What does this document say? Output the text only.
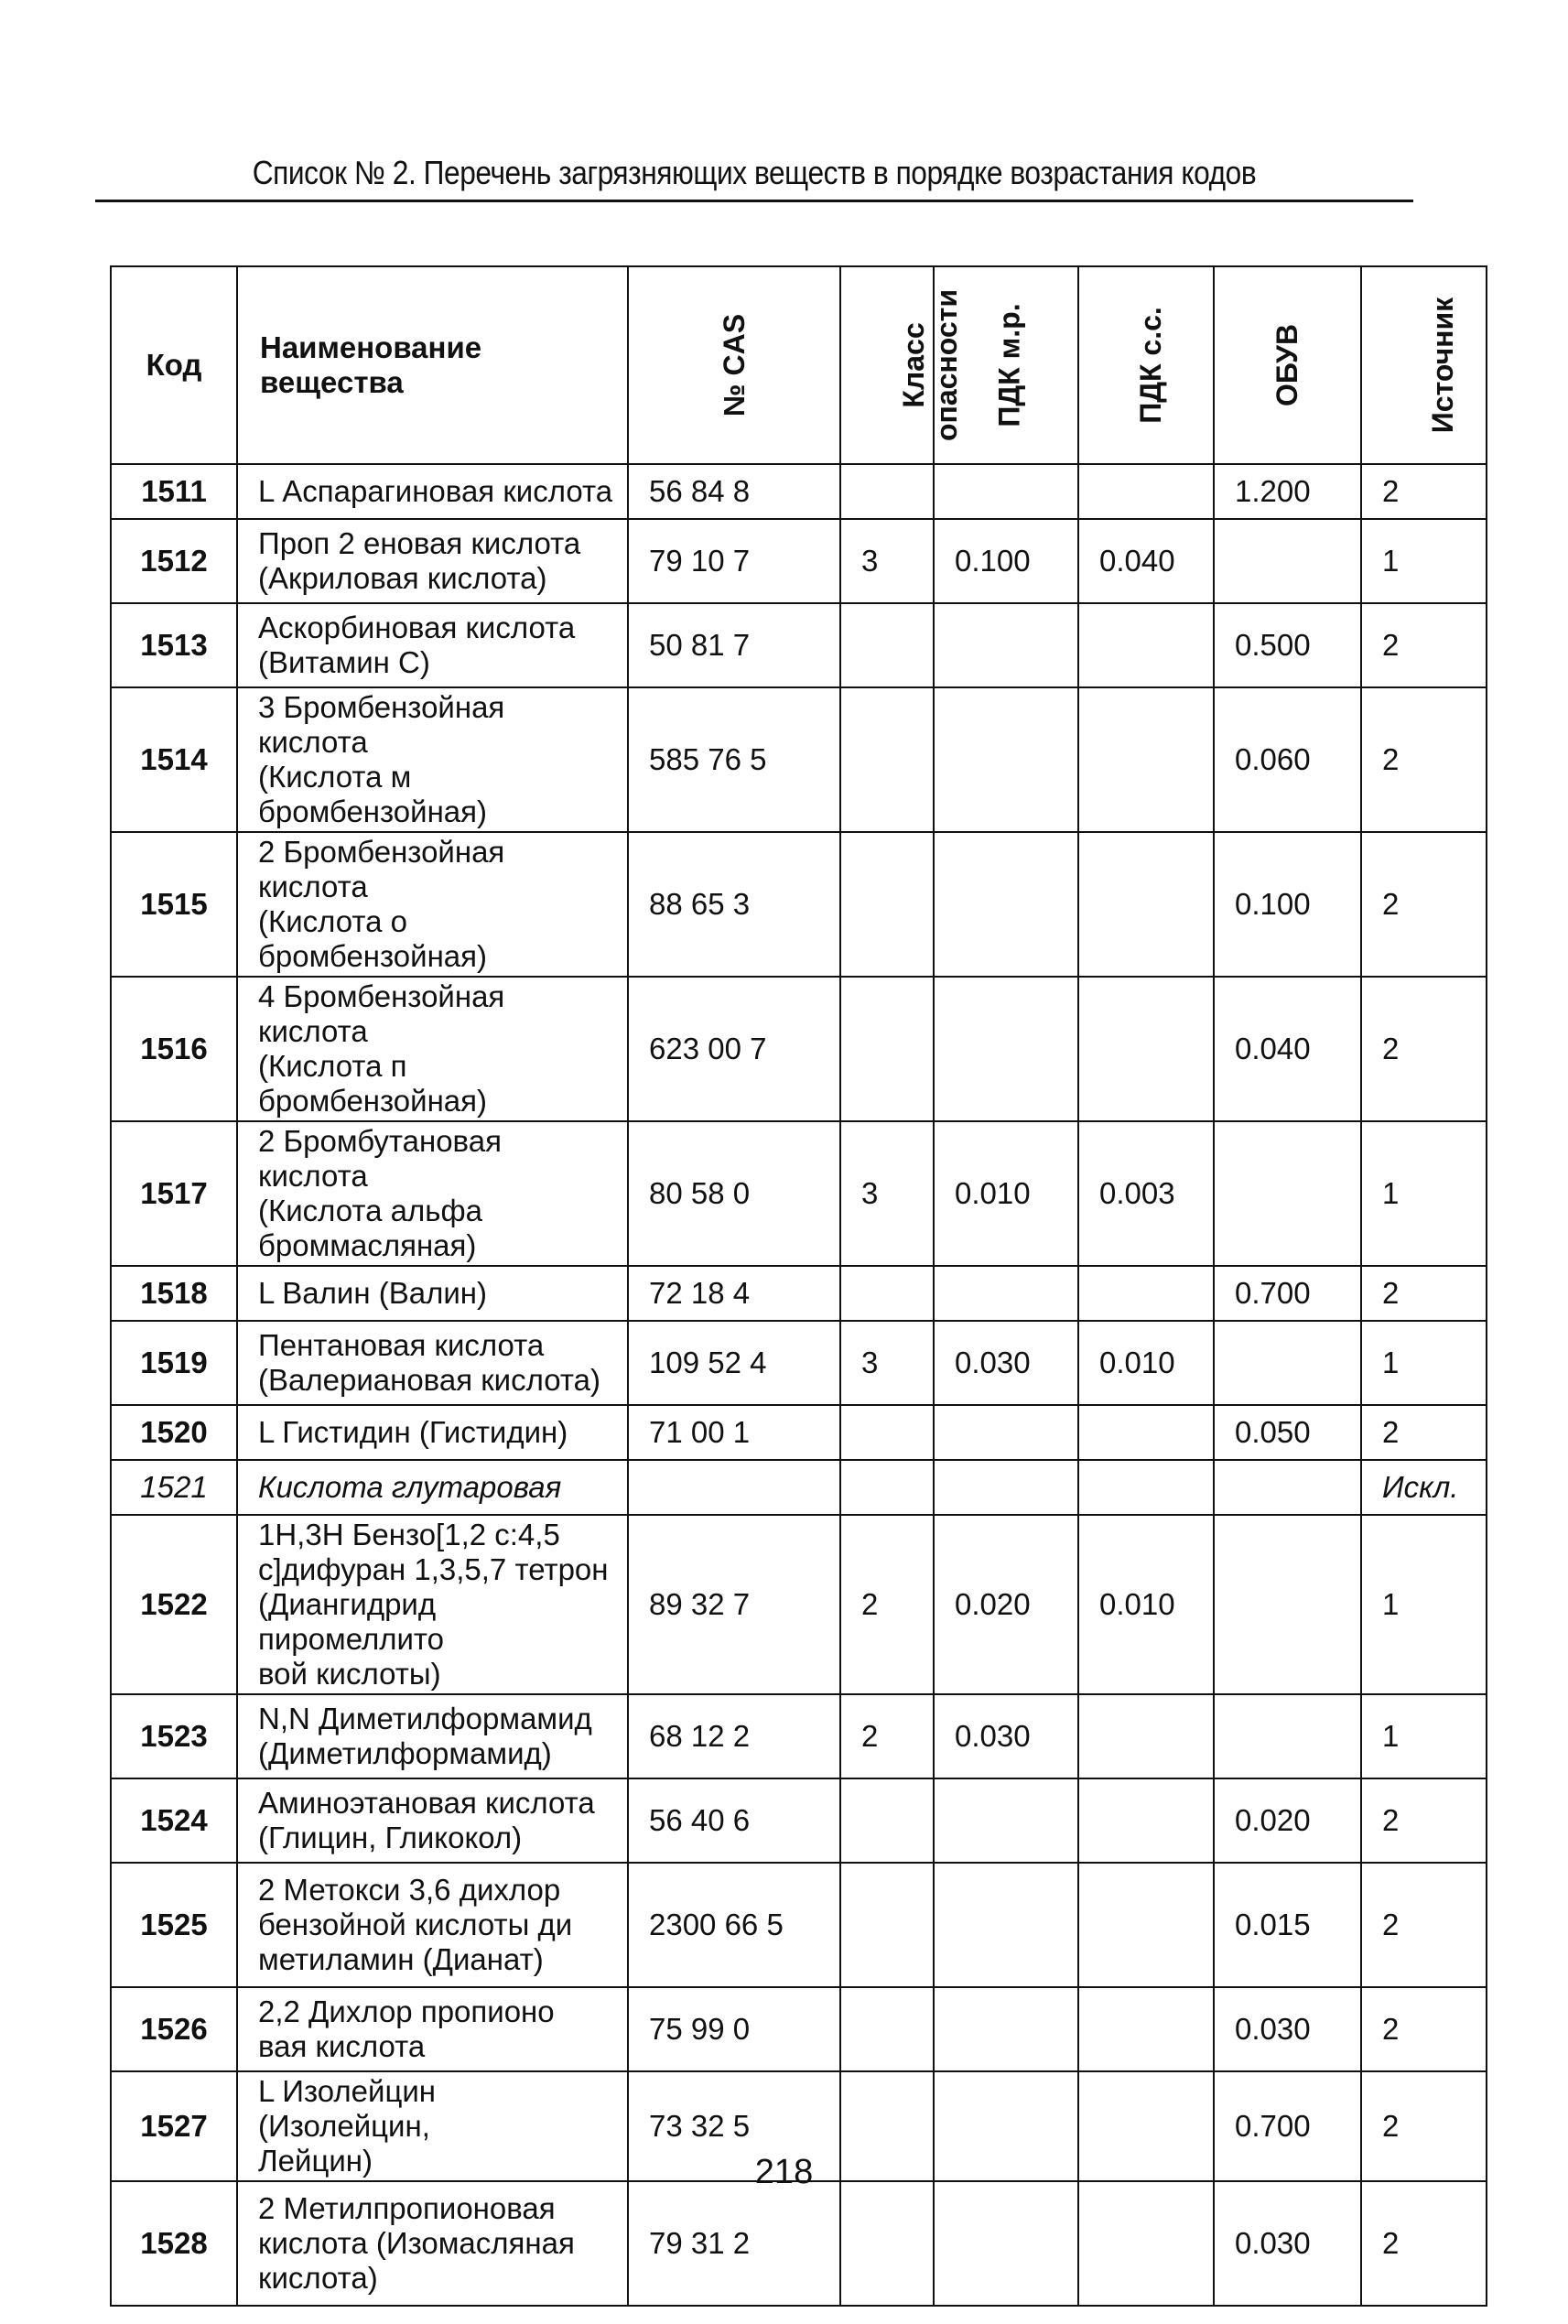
Список № 2. Перечень загрязняющих веществ в порядке возрастания кодов
Код	Наименование вещества	№ CAS	Класс
опасности	ПДК м.р.	ПДК с.с.	ОБУВ	Источник
1511	L Аспарагиновая кислота	56 84 8				1.200	2
1512	Проп 2 еновая кислота
(Акриловая кислота)	79 10 7	3	0.100	0.040		1
1513	Аскорбиновая кислота
(Витамин С)	50 81 7				0.500	2
1514	3 Бромбензойная кислота
(Кислота м бромбензойная)	585 76 5				0.060	2
1515	2 Бромбензойная кислота
(Кислота о бромбензойная)	88 65 3				0.100	2
1516	4 Бромбензойная кислота
(Кислота п бромбензойная)	623 00 7				0.040	2
1517	2 Бромбутановая кислота
(Кислота альфа
броммасляная)	80 58 0	3	0.010	0.003		1
1518	L Валин (Валин)	72 18 4				0.700	2
1519	Пентановая кислота
(Валериановая кислота)	109 52 4	3	0.030	0.010		1
1520	L Гистидин (Гистидин)	71 00 1				0.050	2
1521	Кислота глутаровая						Искл.
1522	1Н,3Н Бензо[1,2 с:4,5
с]дифуран 1,3,5,7 тетрон
(Диангидрид пиромеллито
вой кислоты)	89 32 7	2	0.020	0.010		1
1523	N,N Диметилформамид
(Диметилформамид)	68 12 2	2	0.030			1
1524	Аминоэтановая кислота
(Глицин, Гликокол)	56 40 6				0.020	2
1525	2 Метокси 3,6 дихлор
бензойной кислоты ди
метиламин (Дианат)	2300 66 5				0.015	2
1526	2,2 Дихлор пропионо
вая кислота	75 99 0				0.030	2
1527	L Изолейцин (Изолейцин,
Лейцин)	73 32 5				0.700	2
1528	2 Метилпропионовая
кислота (Изомасляная
кислота)	79 31 2				0.030	2
218
